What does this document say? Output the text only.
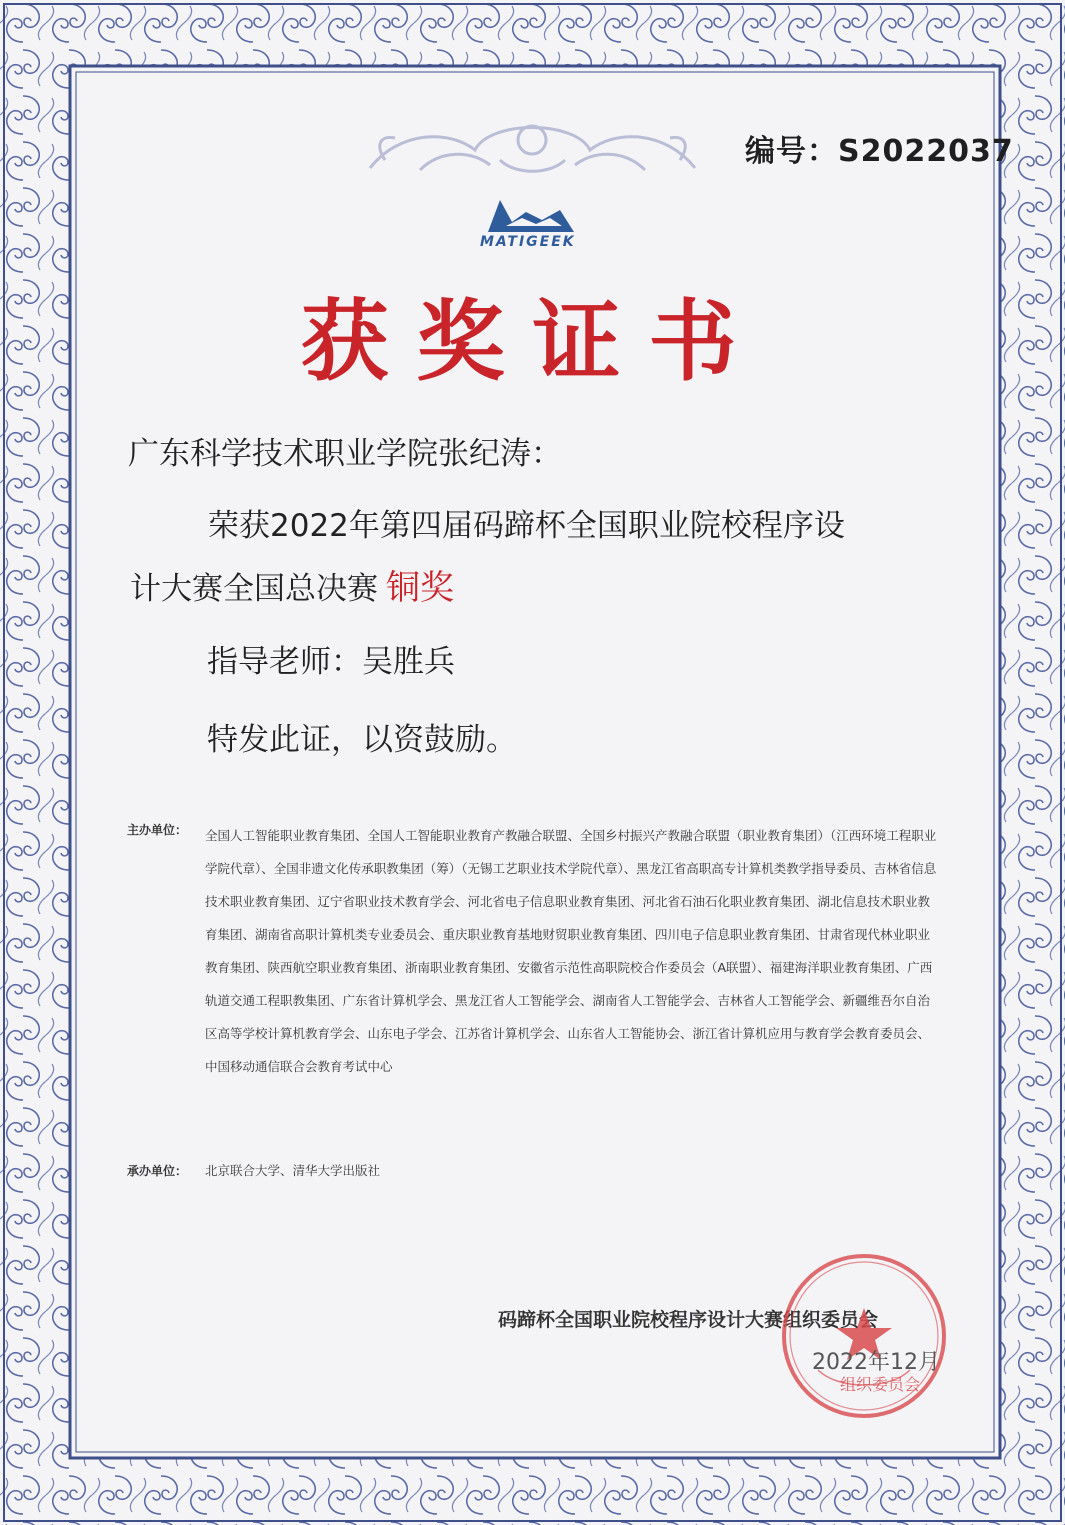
编号：S2022037
MATIGEEK
获奖证书
广东科学技术职业学院张纪涛：
荣获2022年第四届码蹄杯全国职业院校程序设
计大赛全国总决赛 铜奖
指导老师：吴胜兵
特发此证，以资鼓励。
主办单位： 全国人工智能职业教育集团、全国人工智能职业教育产教融合联盟、全国乡村振兴产教融合联盟（职业教育集团）（江西环境工程职业学院代章）、全国非遗文化传承职教集团（筹）（无锡工艺职业技术学院代章）、黑龙江省高职高专计算机类教学指导委员、吉林省信息技术职业教育集团、辽宁省职业技术教育学会、河北省电子信息职业教育集团、河北省石油石化职业教育集团、湖北信息技术职业教育集团、湖南省高职计算机类专业委员会、重庆职业教育基地财贸职业教育集团、四川电子信息职业教育集团、甘肃省现代林业职业教育集团、陕西航空职业教育集团、浙南职业教育集团、安徽省示范性高职院校合作委员会（A联盟）、福建海洋职业教育集团、广西轨道交通工程职教集团、广东省计算机学会、黑龙江省人工智能学会、湖南省人工智能学会、吉林省人工智能学会、新疆维吾尔自治区高等学校计算机教育学会、山东电子学会、江苏省计算机学会、山东省人工智能协会、浙江省计算机应用与教育学会教育委员会、中国移动通信联合会教育考试中心
承办单位： 北京联合大学、清华大学出版社
码蹄杯全国职业院校程序设计大赛组织委员会
组织委员会
2022年12月
